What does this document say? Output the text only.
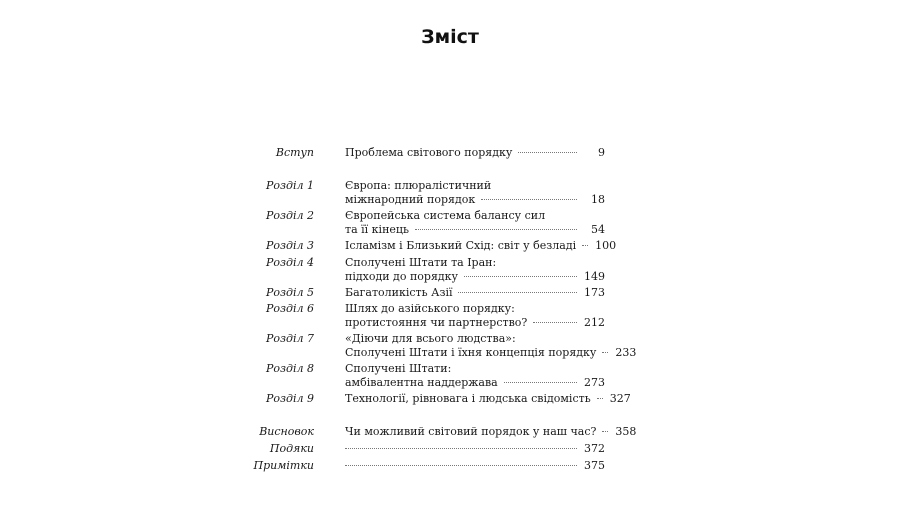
Зміст
Вступ	Проблема світового порядку	9
Розділ 1	Європа: плюралістичний
міжнародний порядок	18
Розділ 2	Європейська система балансу сил
та її кінець	54
Розділ 3	Ісламізм і Близький Схід: світ у безладі 100
Розділ 4	Сполучені Штати та Іран:
підходи до порядку	149
Розділ 5	Багатоликість Азії	173
Розділ 6	Шлях до азійського порядку:
протистояння чи партнерство?	212
Розділ 7	«Діючи для всього людства»:
Сполучені Штати і їхня концепція порядку 233
Розділ 8	Сполучені Штати:
амбівалентна наддержава	273
Розділ 9	Технології, рівновага і людська свідомість 327
Висновок	Чи можливий світовий порядок у наш час? 358
Подяки	372
Примітки	375
